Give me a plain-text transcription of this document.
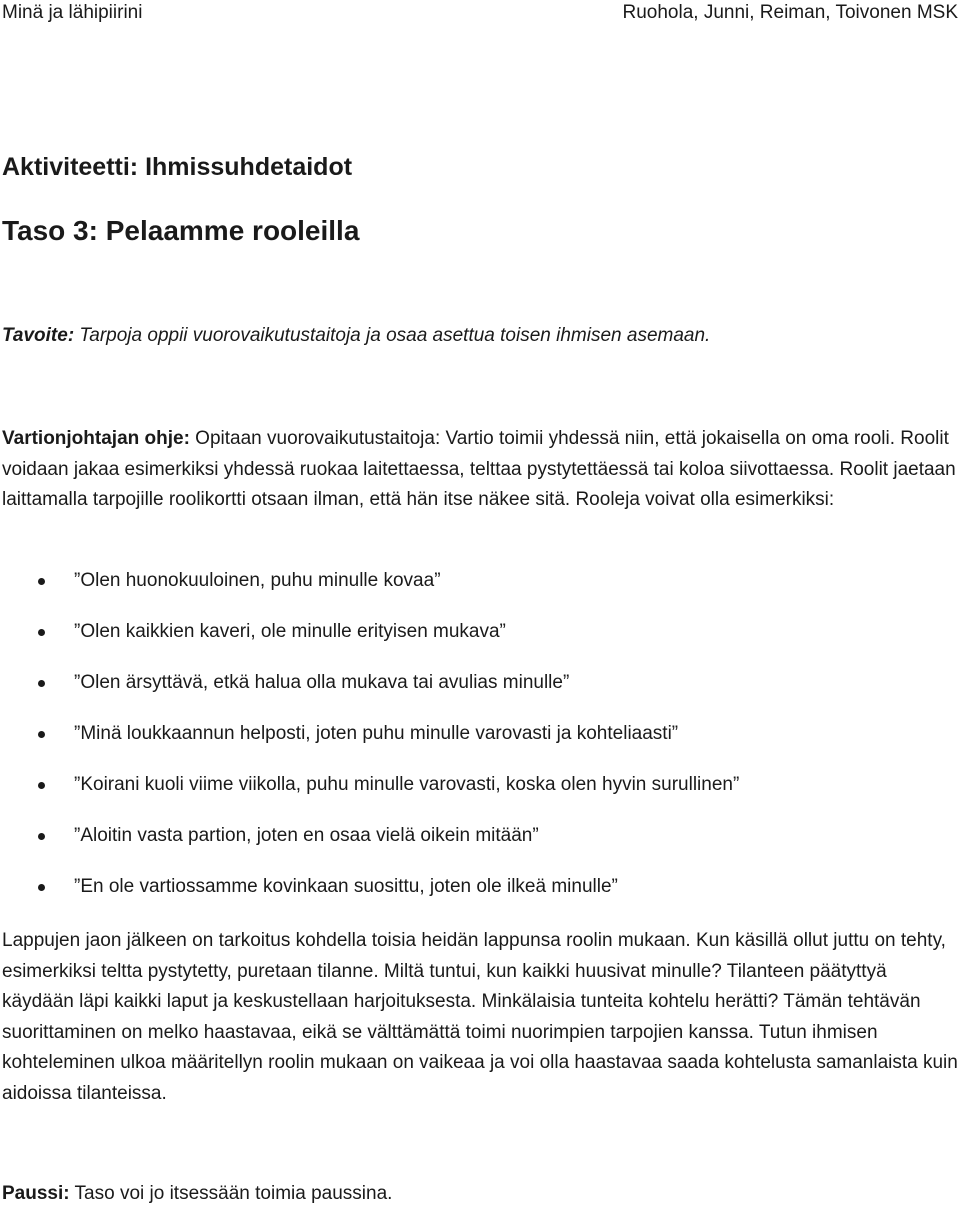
Minä ja lähipiirini	Ruohola, Junni, Reiman, Toivonen MSK
Aktiviteetti: Ihmissuhdetaidot
Taso 3: Pelaamme rooleilla
Tavoite: Tarpoja oppii vuorovaikutustaitoja ja osaa asettua toisen ihmisen asemaan.

Vartionjohtajan ohje: Opitaan vuorovaikutustaitoja: Vartio toimii yhdessä niin, että jokaisella on oma rooli. Roolit voidaan jakaa esimerkiksi yhdessä ruokaa laitettaessa, telttaa pystytettäessä tai koloa siivottaessa. Roolit jaetaan laittamalla tarpojille roolikortti otsaan ilman, että hän itse näkee sitä. Rooleja voivat olla esimerkiksi:

”Olen huonokuuloinen, puhu minulle kovaa”
”Olen kaikkien kaveri, ole minulle erityisen mukava”
”Olen ärsyttävä, etkä halua olla mukava tai avulias minulle”
”Minä loukkaannun helposti, joten puhu minulle varovasti ja kohteliaasti”
”Koirani kuoli viime viikolla, puhu minulle varovasti, koska olen hyvin surullinen”
”Aloitin vasta partion, joten en osaa vielä oikein mitään”
”En ole vartiossamme kovinkaan suosittu, joten ole ilkeä minulle”

Lappujen jaon jälkeen on tarkoitus kohdella toisia heidän lappunsa roolin mukaan. Kun käsillä ollut juttu on tehty, esimerkiksi teltta pystytetty, puretaan tilanne. Miltä tuntui, kun kaikki huusivat minulle? Tilanteen päätyttyä käydään läpi kaikki laput ja keskustellaan harjoituksesta. Minkälaisia tunteita kohtelu herätti? Tämän tehtävän suorittaminen on melko haastavaa, eikä se välttämättä toimi nuorimpien tarpojien kanssa. Tutun ihmisen kohteleminen ulkoa määritellyn roolin mukaan on vaikeaa ja voi olla haastavaa saada kohtelusta samanlaista kuin aidoissa tilanteissa.

Paussi: Taso voi jo itsessään toimia paussina.
